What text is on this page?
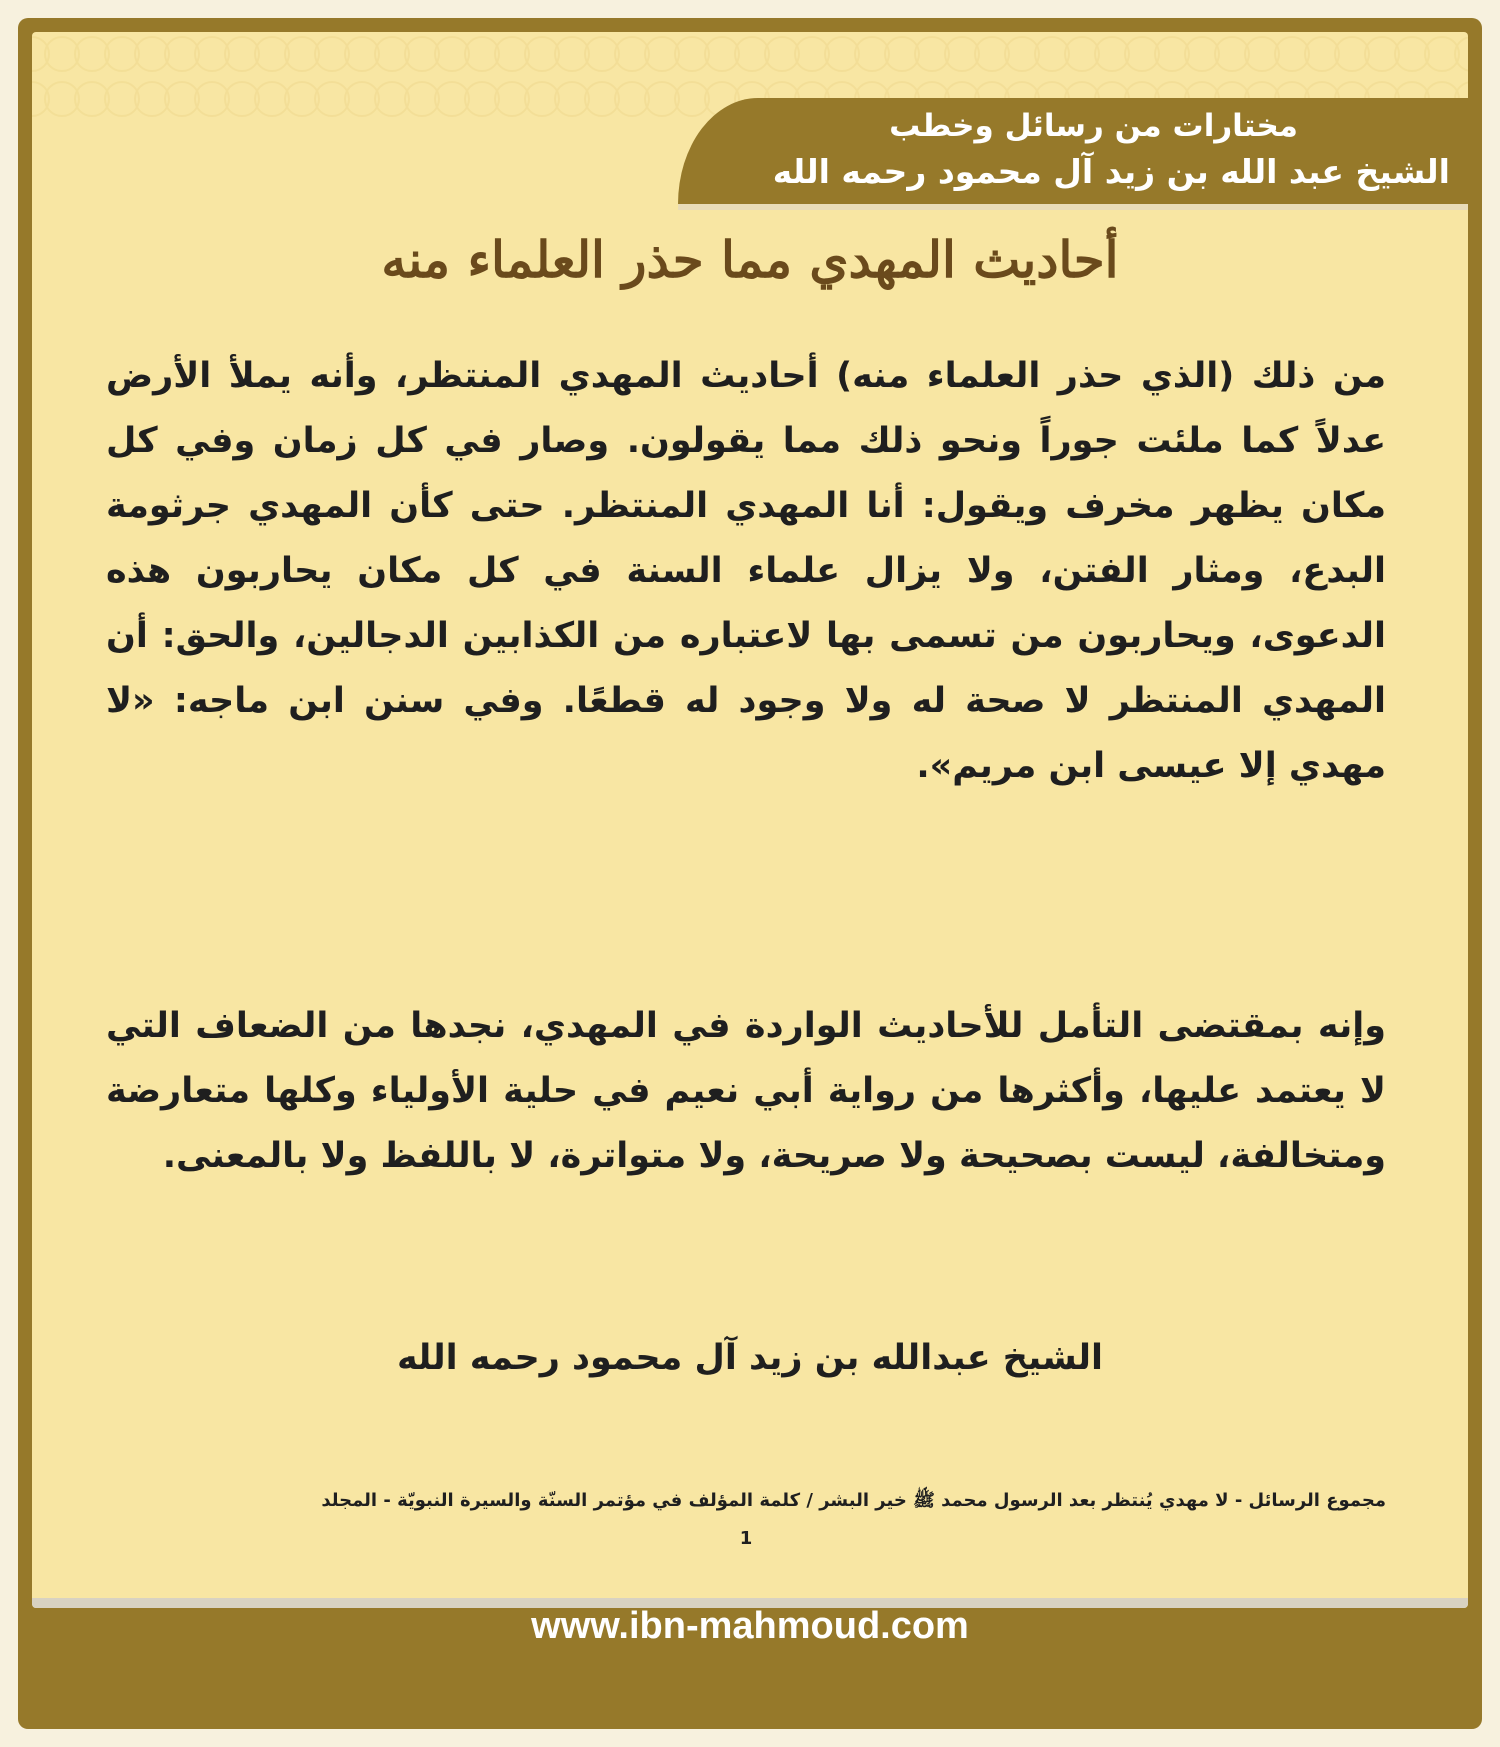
مختارات من رسائل وخطب
الشيخ عبد الله بن زيد آل محمود رحمه الله
أحاديث المهدي مما حذر العلماء منه
من ذلك (الذي حذر العلماء منه) أحاديث المهدي المنتظر، وأنه يملأ الأرض عدلاً كما ملئت جوراً ونحو ذلك مما يقولون. وصار في كل زمان وفي كل مكان يظهر مخرف ويقول: أنا المهدي المنتظر. حتى كأن المهدي جرثومة البدع، ومثار الفتن، ولا يزال علماء السنة في كل مكان يحاربون هذه الدعوى، ويحاربون من تسمى بها لاعتباره من الكذابين الدجالين، والحق: أن المهدي المنتظر لا صحة له ولا وجود له قطعًا. وفي سنن ابن ماجه: «لا مهدي إلا عيسى ابن مريم».
وإنه بمقتضى التأمل للأحاديث الواردة في المهدي، نجدها من الضعاف التي لا يعتمد عليها، وأكثرها من رواية أبي نعيم في حلية الأولياء وكلها متعارضة ومتخالفة، ليست بصحيحة ولا صريحة، ولا متواترة، لا باللفظ ولا بالمعنى.
الشيخ عبدالله بن زيد آل محمود رحمه الله
مجموع الرسائل - لا مهدي يُنتظر بعد الرسول محمد ﷺ خير البشر / كلمة المؤلف في مؤتمر السنّة والسيرة النبويّة - المجلد
1
www.ibn-mahmoud.com
